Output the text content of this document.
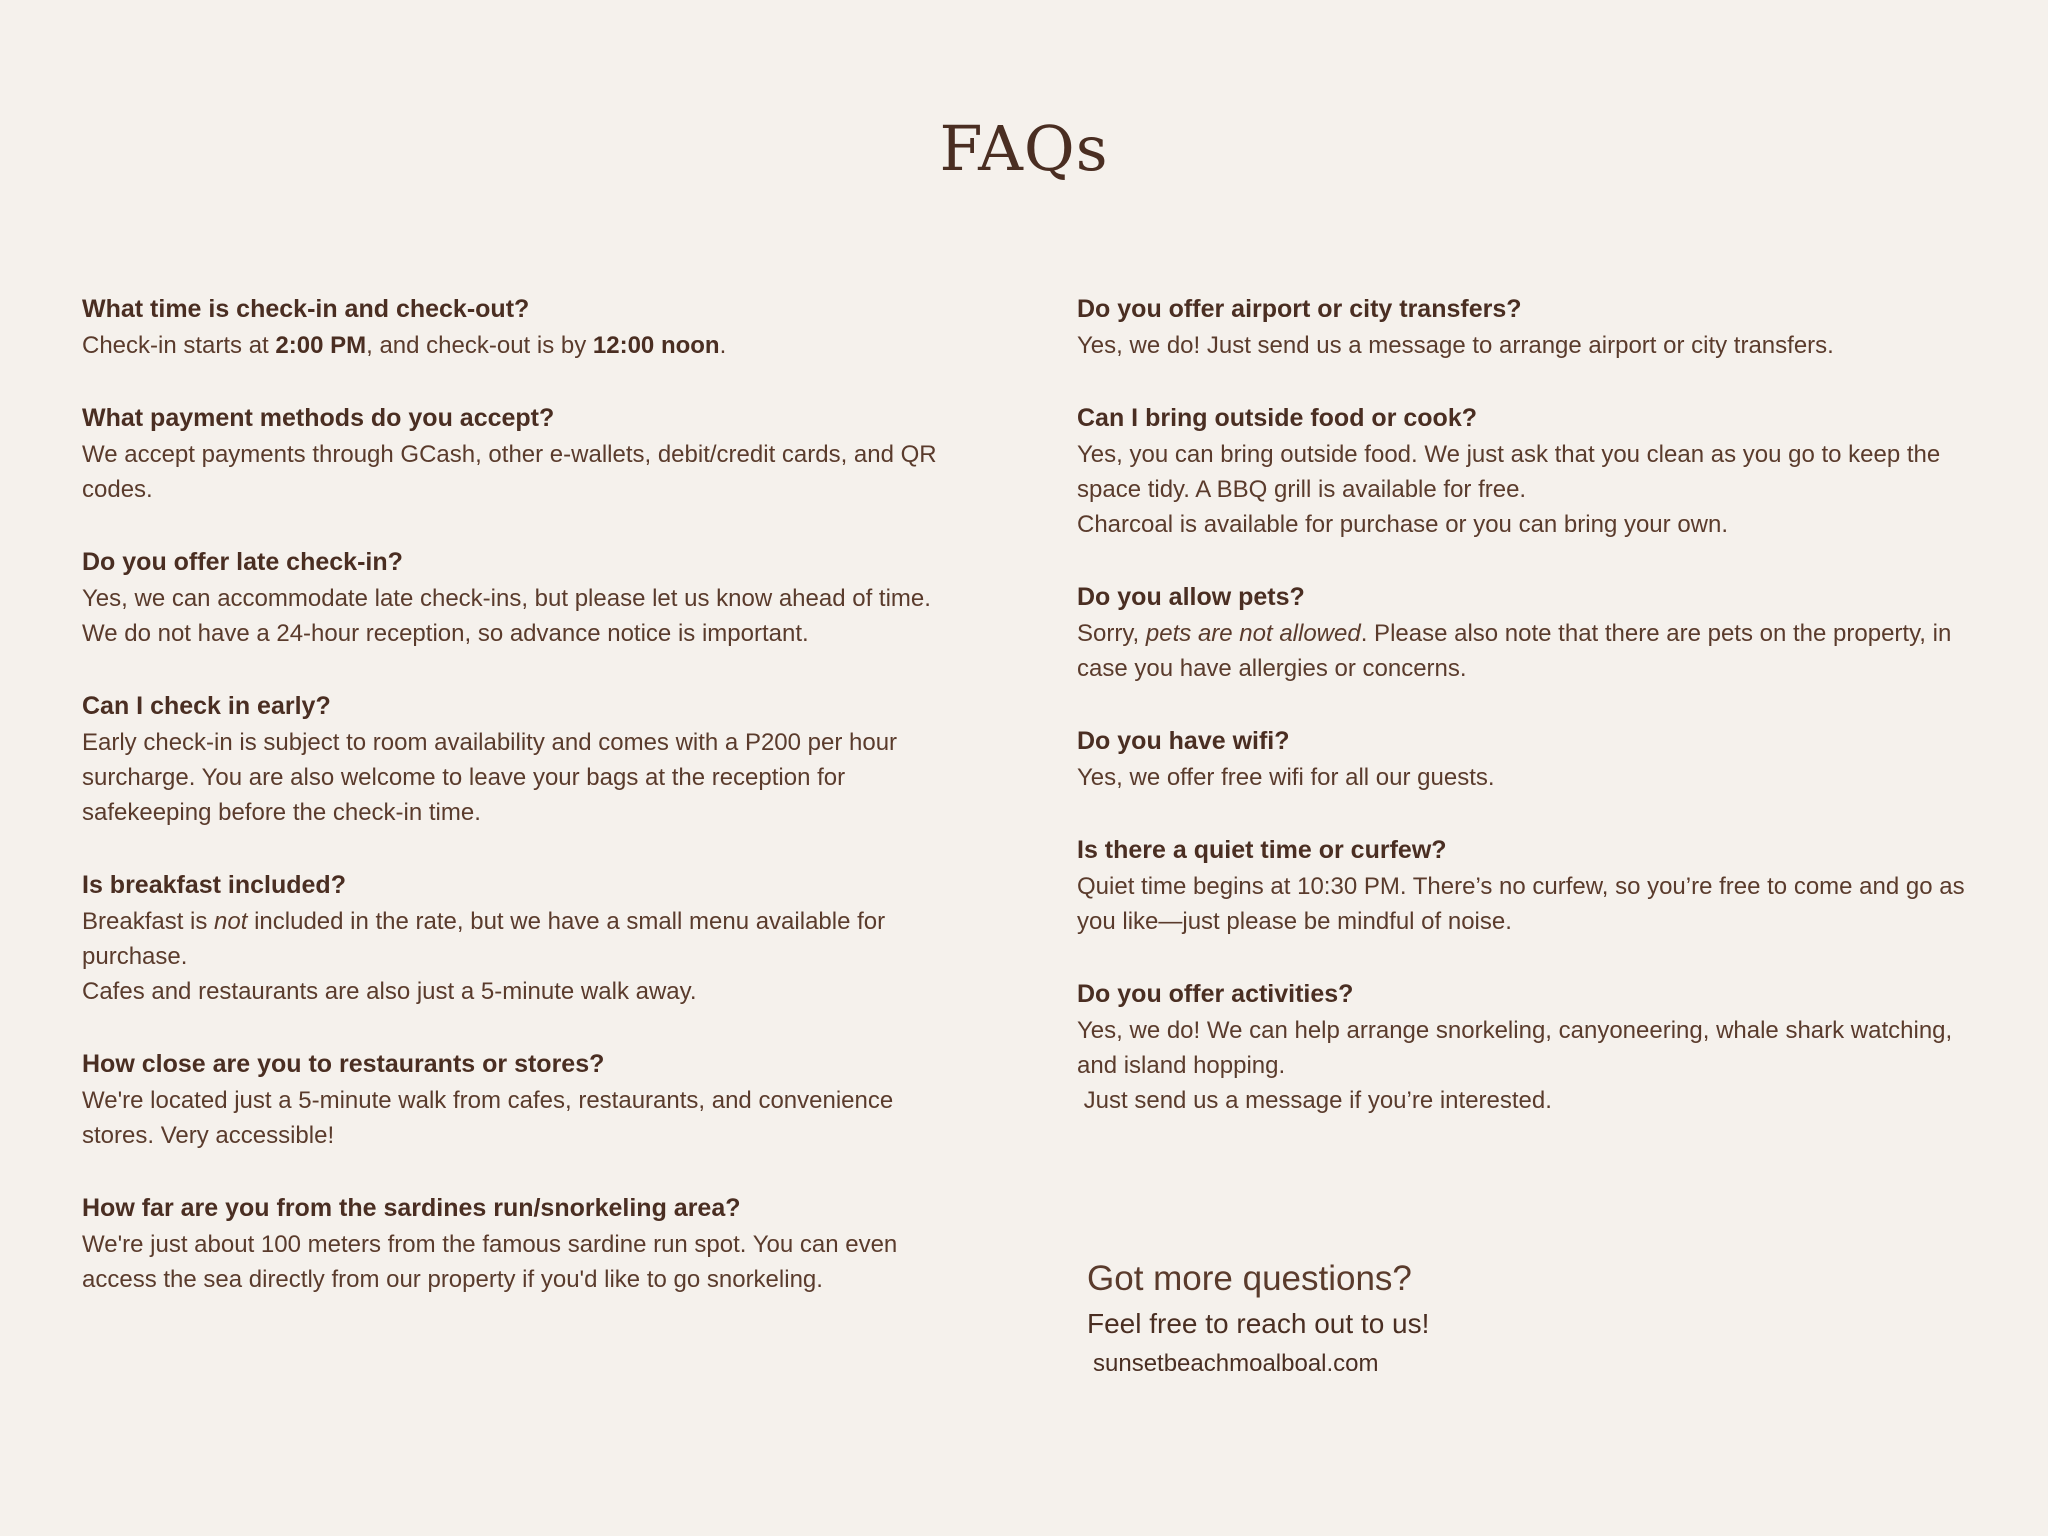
FAQs

What time is check-in and check-out?

Check-in starts at 2:00 PM, and check-out is by 12:00 noon.

What payment methods do you accept?

We accept payments through GCash, other e-wallets, debit/credit cards, and QR codes.

Do you offer late check-in?

Yes, we can accommodate late check-ins, but please let us know ahead of time. We do not have a 24-hour reception, so advance notice is important.

Can I check in early?

Early check-in is subject to room availability and comes with a P200 per hour surcharge. You are also welcome to leave your bags at the reception for safekeeping before the check-in time.

Is breakfast included?

Breakfast is not included in the rate, but we have a small menu available for purchase.

Cafes and restaurants are also just a 5-minute walk away.

How close are you to restaurants or stores?

We're located just a 5-minute walk from cafes, restaurants, and convenience stores. Very accessible!

How far are you from the sardines run/snorkeling area?

We're just about 100 meters from the famous sardine run spot. You can even access the sea directly from our property if you'd like to go snorkeling.

Do you offer airport or city transfers?

Yes, we do! Just send us a message to arrange airport or city transfers.

Can I bring outside food or cook?

Yes, you can bring outside food. We just ask that you clean as you go to keep the space tidy. A BBQ grill is available for free.

Charcoal is available for purchase or you can bring your own.

Do you allow pets?

Sorry, pets are not allowed. Please also note that there are pets on the property, in case you have allergies or concerns.

Do you have wifi?

Yes, we offer free wifi for all our guests.

Is there a quiet time or curfew?

Quiet time begins at 10:30 PM. There’s no curfew, so you’re free to come and go as you like—just please be mindful of noise.

Do you offer activities?

Yes, we do! We can help arrange snorkeling, canyoneering, whale shark watching, and island hopping.

Just send us a message if you’re interested.

Got more questions?

Feel free to reach out to us!

sunsetbeachmoalboal.com
